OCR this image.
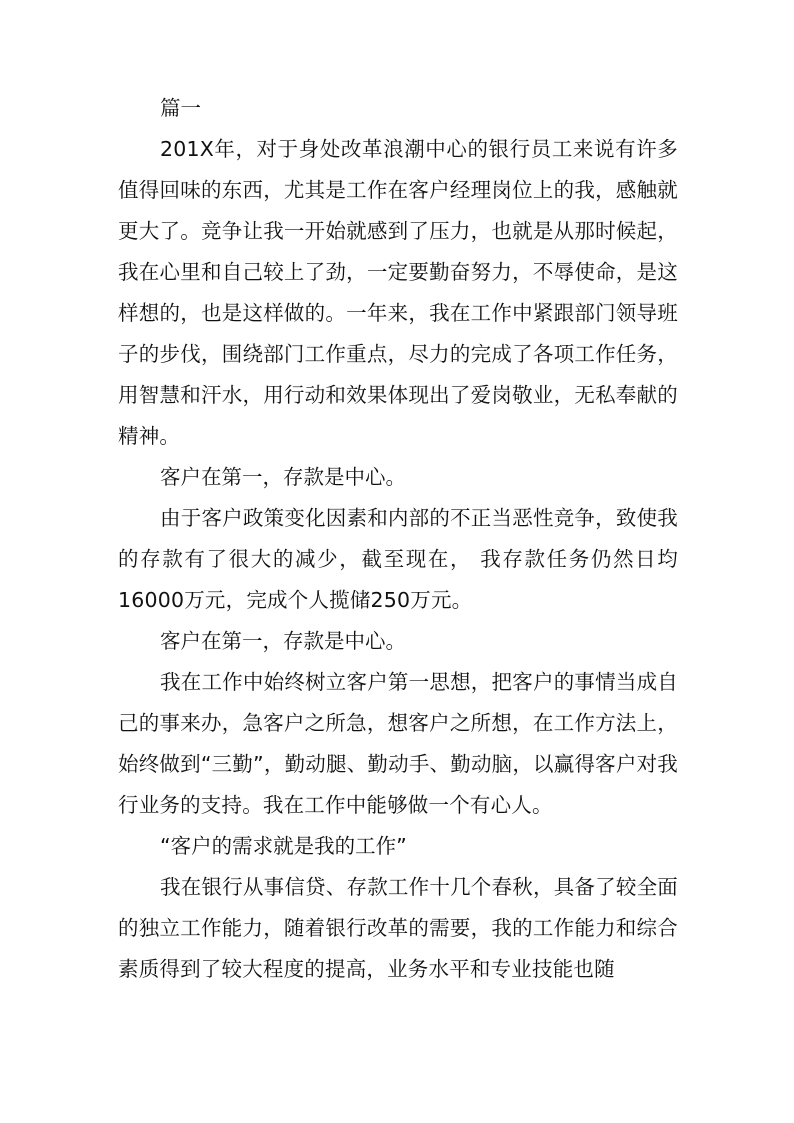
篇一

201X年，对于身处改革浪潮中心的银行员工来说有许多值得回味的东西，尤其是工作在客户经理岗位上的我，感触就更大了。竞争让我一开始就感到了压力，也就是从那时候起，我在心里和自己较上了劲，一定要勤奋努力，不辱使命，是这样想的，也是这样做的。一年来，我在工作中紧跟部门领导班子的步伐，围绕部门工作重点，尽力的完成了各项工作任务，用智慧和汗水，用行动和效果体现出了爱岗敬业，无私奉献的精神。

客户在第一，存款是中心。

由于客户政策变化因素和内部的不正当恶性竞争，致使我的存款有了很大的减少，截至现在， 我存款任务仍然日均16000万元，完成个人揽储250万元。

客户在第一，存款是中心。

我在工作中始终树立客户第一思想，把客户的事情当成自己的事来办，急客户之所急，想客户之所想，在工作方法上，始终做到“三勤”，勤动腿、勤动手、勤动脑，以赢得客户对我行业务的支持。我在工作中能够做一个有心人。

“客户的需求就是我的工作”

我在银行从事信贷、存款工作十几个春秋，具备了较全面的独立工作能力，随着银行改革的需要，我的工作能力和综合素质得到了较大程度的提高，业务水平和专业技能也随
